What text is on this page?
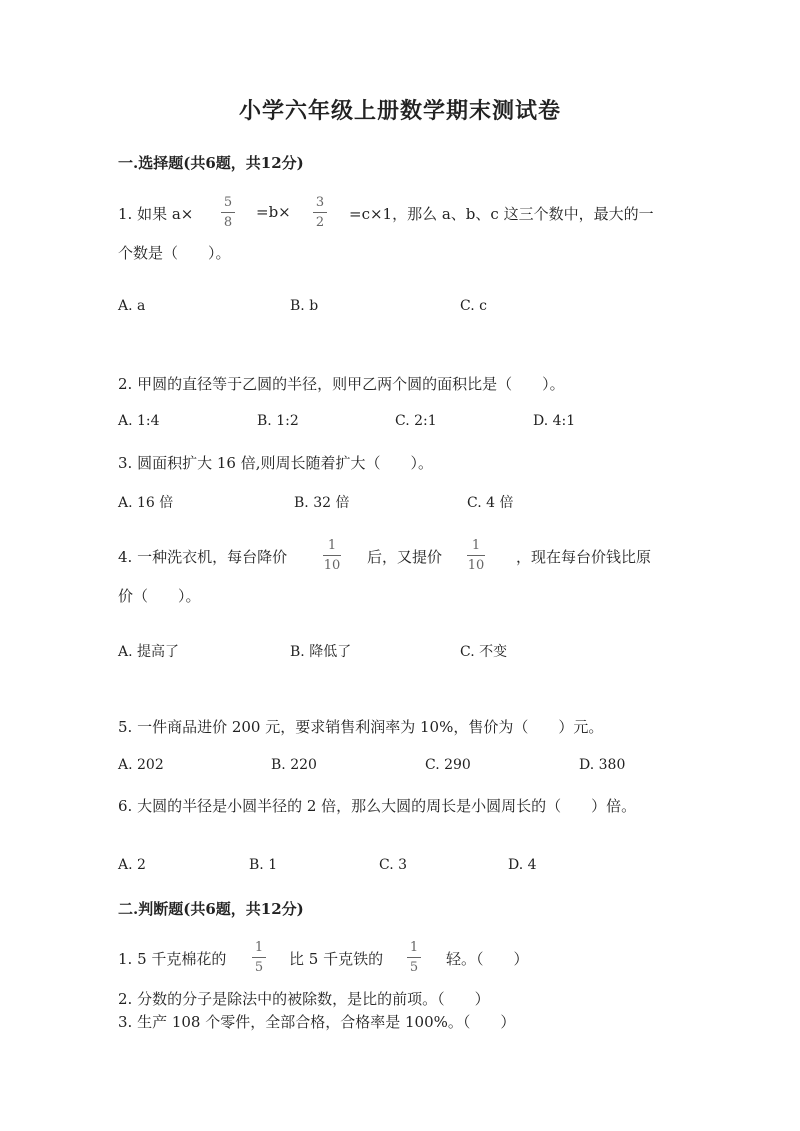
小学六年级上册数学期末测试卷
一.选择题(共6题，共12分)
1. 如果 a×
5
8
=b×
3
2 =c×1，那么 a、b、c 这三个数中，最大的一
个数是（　　）。
A. a	B. b	C. c
2. 甲圆的直径等于乙圆的半径，则甲乙两个圆的面积比是（　　）。
A. 1:4	B. 1:2	C. 2:1	D. 4:1
3. 圆面积扩大 16 倍,则周长随着扩大（　　）。
A. 16 倍	B. 32 倍	C. 4 倍
4. 一种洗衣机，每台降价
1
10 后，又提价
1
10 ，现在每台价钱比原
价（　　）。
A. 提高了	B. 降低了	C. 不变
5. 一件商品进价 200 元，要求销售利润率为 10%，售价为（　　）元。
A. 202	B. 220	C. 290	D. 380
6. 大圆的半径是小圆半径的 2 倍，那么大圆的周长是小圆周长的（　　）倍。
A. 2	B. 1	C. 3	D. 4
二.判断题(共6题，共12分)
1. 5 千克棉花的
1
5 比 5 千克铁的
1
5 轻。（　　）
2. 分数的分子是除法中的被除数，是比的前项。（　　）
3. 生产 108 个零件，全部合格，合格率是 100%。（　　）
